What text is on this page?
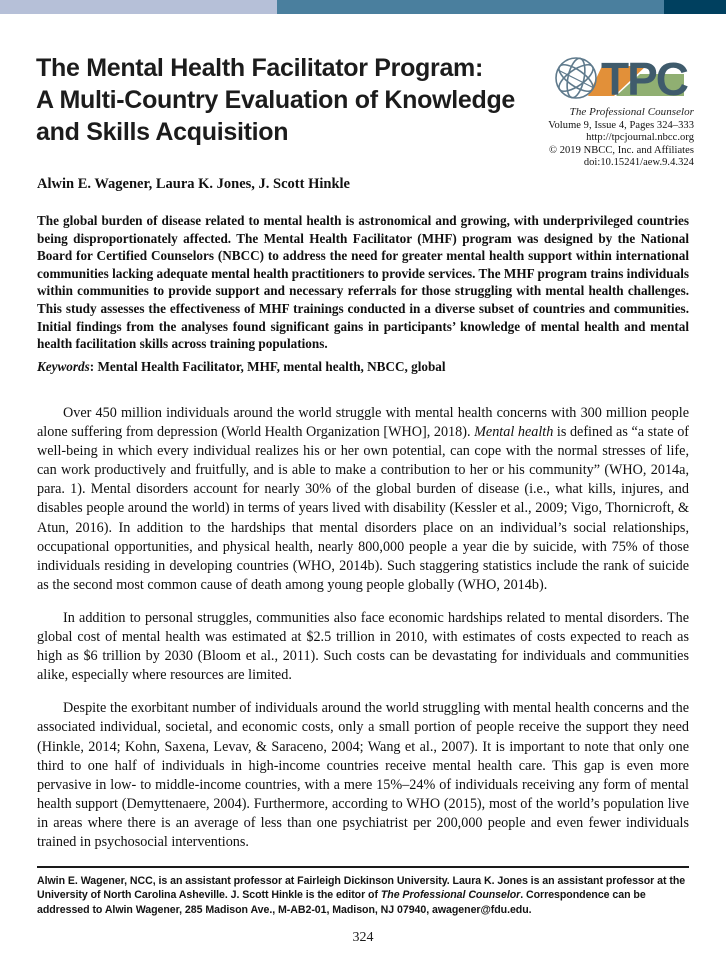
The Mental Health Facilitator Program:
A Multi-Country Evaluation of Knowledge
and Skills Acquisition
Alwin E. Wagener, Laura K. Jones, J. Scott Hinkle
TPC
The Professional Counselor
Volume 9, Issue 4, Pages 324–333
http://tpcjournal.nbcc.org
© 2019 NBCC, Inc. and Affiliates
doi:10.15241/aew.9.4.324
The global burden of disease related to mental health is astronomical and growing, with underprivileged countries being disproportionately affected. The Mental Health Facilitator (MHF) program was designed by the National Board for Certified Counselors (NBCC) to address the need for greater mental health support within international communities lacking adequate mental health practitioners to provide services. The MHF program trains individuals within communities to provide support and necessary referrals for those struggling with mental health challenges. This study assesses the effectiveness of MHF trainings conducted in a diverse subset of countries and communities. Initial findings from the analyses found significant gains in participants’ knowledge of mental health and mental health facilitation skills across training populations.
Keywords: Mental Health Facilitator, MHF, mental health, NBCC, global

Over 450 million individuals around the world struggle with mental health concerns with 300 million people alone suffering from depression (World Health Organization [WHO], 2018). Mental health is defined as “a state of well-being in which every individual realizes his or her own potential, can cope with the normal stresses of life, can work productively and fruitfully, and is able to make a contribution to her or his community” (WHO, 2014a, para. 1). Mental disorders account for nearly 30% of the global burden of disease (i.e., what kills, injures, and disables people around the world) in terms of years lived with disability (Kessler et al., 2009; Vigo, Thornicroft, & Atun, 2016). In addition to the hardships that mental disorders place on an individual’s social relationships, occupational opportunities, and physical health, nearly 800,000 people a year die by suicide, with 75% of those individuals residing in developing countries (WHO, 2014b). Such staggering statistics include the rank of suicide as the second most common cause of death among young people globally (WHO, 2014b).

In addition to personal struggles, communities also face economic hardships related to mental disorders. The global cost of mental health was estimated at $2.5 trillion in 2010, with estimates of costs expected to reach as high as $6 trillion by 2030 (Bloom et al., 2011). Such costs can be devastating for individuals and communities alike, especially where resources are limited.

Despite the exorbitant number of individuals around the world struggling with mental health concerns and the associated individual, societal, and economic costs, only a small portion of people receive the support they need (Hinkle, 2014; Kohn, Saxena, Levav, & Saraceno, 2004; Wang et al., 2007). It is important to note that only one third to one half of individuals in high-income countries receive mental health care. This gap is even more pervasive in low- to middle-income countries, with a mere 15%–24% of individuals receiving any form of mental health support (Demyttenaere, 2004). Furthermore, according to WHO (2015), most of the world’s population live in areas where there is an average of less than one psychiatrist per 200,000 people and even fewer individuals trained in psychosocial interventions.

Alwin E. Wagener, NCC, is an assistant professor at Fairleigh Dickinson University. Laura K. Jones is an assistant professor at the University of North Carolina Asheville. J. Scott Hinkle is the editor of The Professional Counselor. Correspondence can be addressed to Alwin Wagener, 285 Madison Ave., M-AB2-01, Madison, NJ 07940, awagener@fdu.edu.
324
